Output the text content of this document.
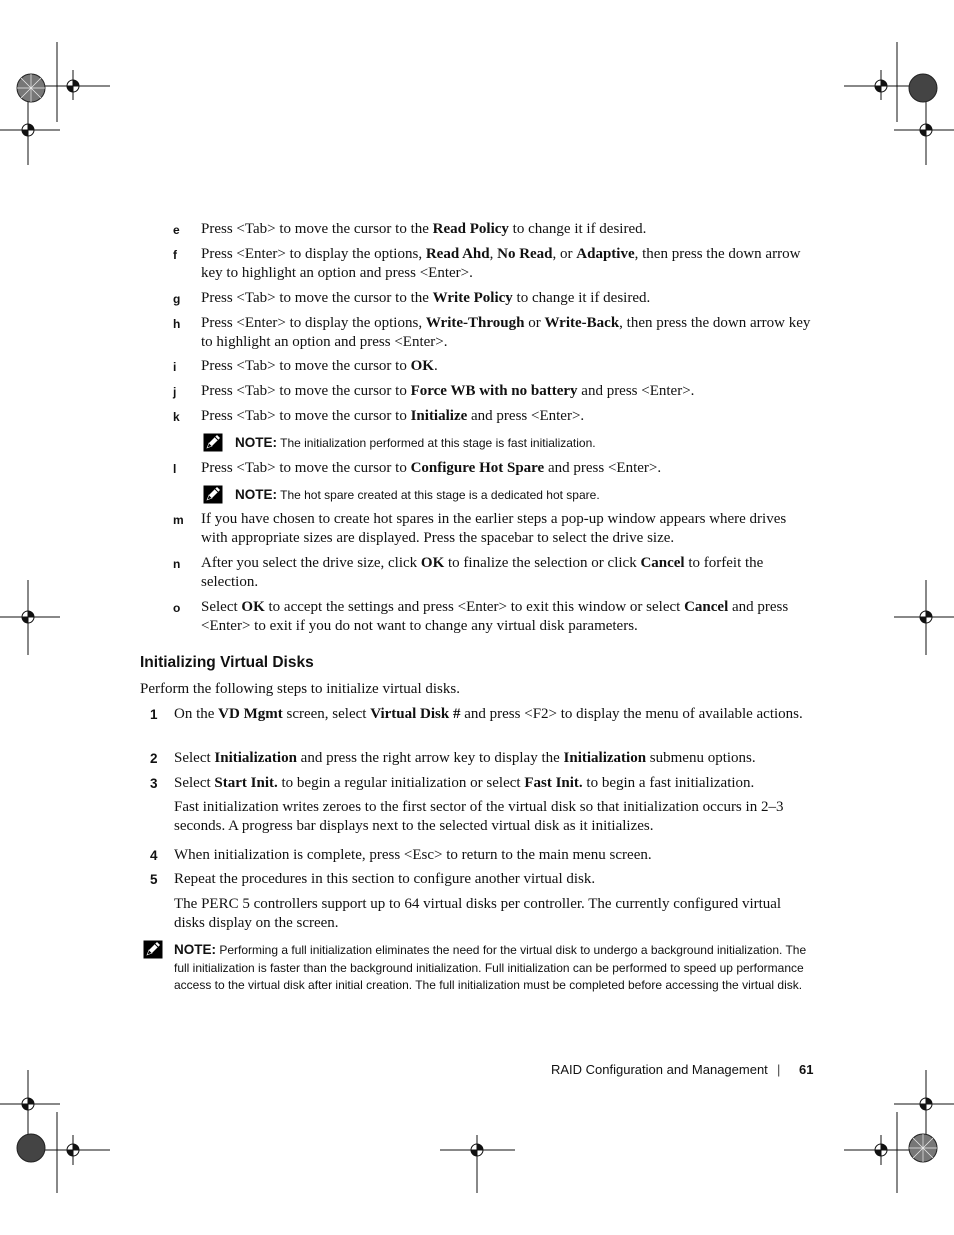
e Press <Tab> to move the cursor to the Read Policy to change it if desired.
f Press <Enter> to display the options, Read Ahd, No Read, or Adaptive, then press the down arrow key to highlight an option and press <Enter>.
g Press <Tab> to move the cursor to the Write Policy to change it if desired.
h Press <Enter> to display the options, Write-Through or Write-Back, then press the down arrow key to highlight an option and press <Enter>.
i Press <Tab> to move the cursor to OK.
j Press <Tab> to move the cursor to Force WB with no battery and press <Enter>.
k Press <Tab> to move the cursor to Initialize and press <Enter>.
l Press <Tab> to move the cursor to Configure Hot Spare and press <Enter>.
m If you have chosen to create hot spares in the earlier steps a pop-up window appears where drives with appropriate sizes are displayed. Press the spacebar to select the drive size.
n After you select the drive size, click OK to finalize the selection or click Cancel to forfeit the selection.
o Select OK to accept the settings and press <Enter> to exit this window or select Cancel and press <Enter> to exit if you do not want to change any virtual disk parameters.
NOTE: The initialization performed at this stage is fast initialization.
NOTE: The hot spare created at this stage is a dedicated hot spare.
Initializing Virtual Disks
Perform the following steps to initialize virtual disks.
1 On the VD Mgmt screen, select Virtual Disk # and press <F2> to display the menu of available actions.
2 Select Initialization and press the right arrow key to display the Initialization submenu options.
3 Select Start Init. to begin a regular initialization or select Fast Init. to begin a fast initialization.
4 When initialization is complete, press <Esc> to return to the main menu screen.
5 Repeat the procedures in this section to configure another virtual disk.
Fast initialization writes zeroes to the first sector of the virtual disk so that initialization occurs in 2–3 seconds. A progress bar displays next to the selected virtual disk as it initializes.
The PERC 5 controllers support up to 64 virtual disks per controller. The currently configured virtual disks display on the screen.
NOTE: Performing a full initialization eliminates the need for the virtual disk to undergo a background initialization. The full initialization is faster than the background initialization. Full initialization can be performed to speed up performance access to the virtual disk after initial creation. The full initialization must be completed before accessing the virtual disk.
RAID Configuration and Management | 61
